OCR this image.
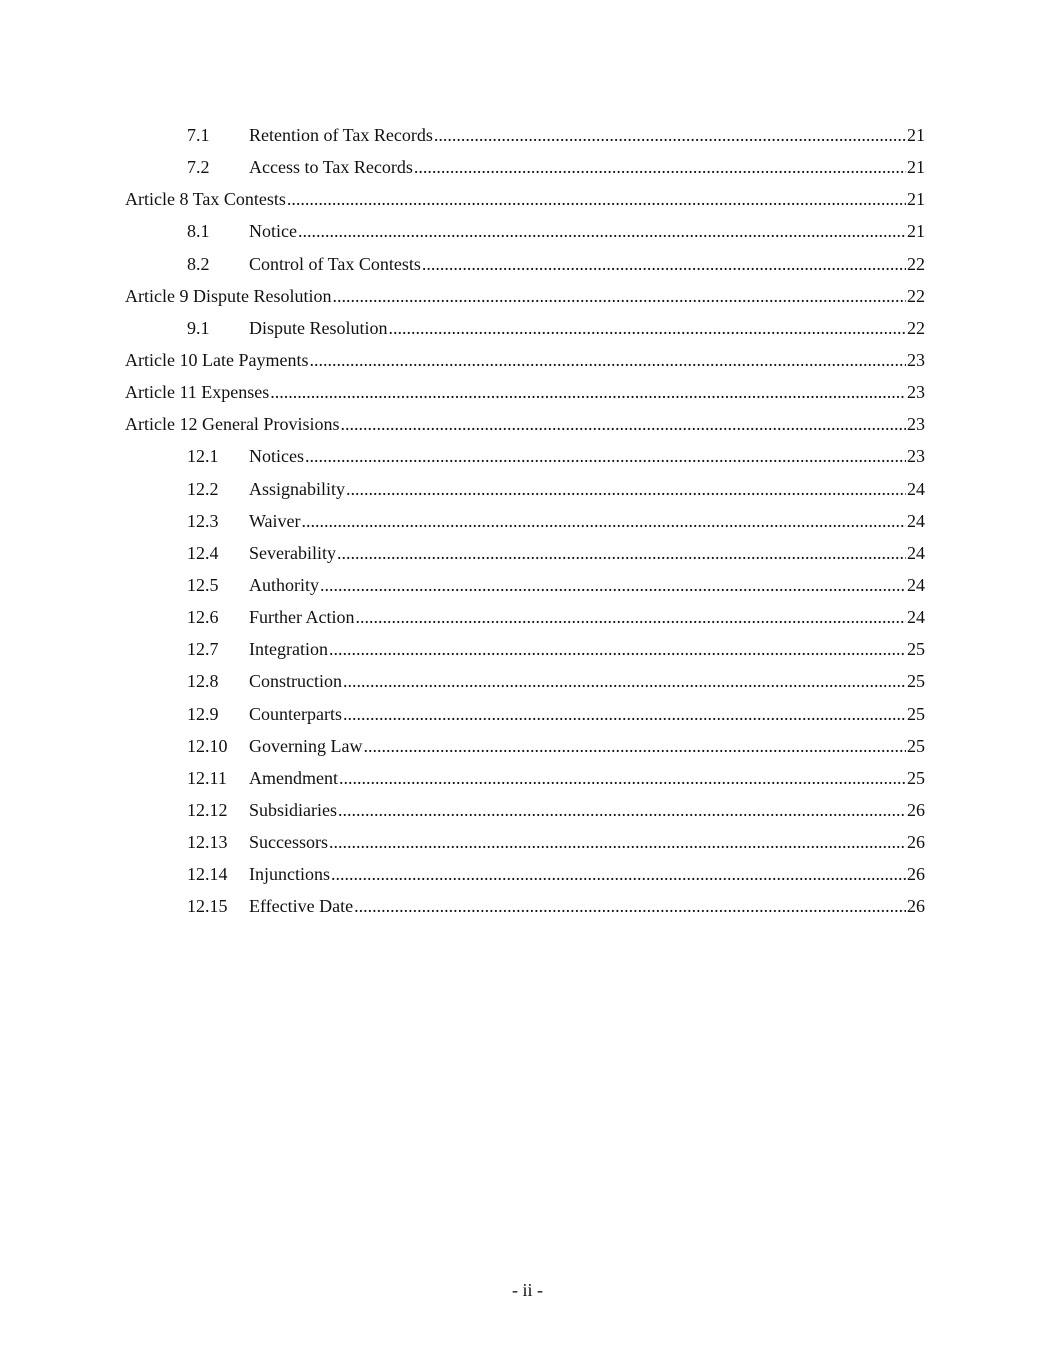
7.1	Retention of Tax Records .....	21
7.2	Access to Tax Records .....	21
Article 8 Tax Contests .....	21
8.1	Notice .....	21
8.2	Control of Tax Contests .....	22
Article 9 Dispute Resolution .....	22
9.1	Dispute Resolution .....	22
Article 10 Late Payments .....	23
Article 11 Expenses .....	23
Article 12 General Provisions .....	23
12.1	Notices .....	23
12.2	Assignability .....	24
12.3	Waiver .....	24
12.4	Severability .....	24
12.5	Authority .....	24
12.6	Further Action .....	24
12.7	Integration .....	25
12.8	Construction .....	25
12.9	Counterparts .....	25
12.10	Governing Law .....	25
12.11	Amendment .....	25
12.12	Subsidiaries .....	26
12.13	Successors .....	26
12.14	Injunctions .....	26
12.15	Effective Date .....	26
- ii -
